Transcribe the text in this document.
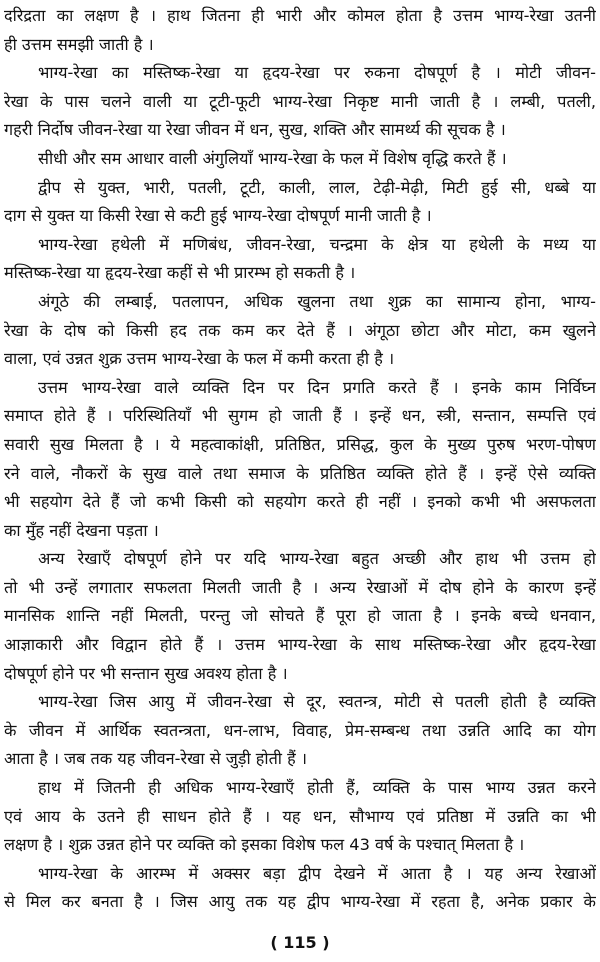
दरिद्रता का लक्षण है । हाथ जितना ही भारी और कोमल होता है उत्तम भाग्य-रेखा उतनी
ही उत्तम समझी जाती है ।
भाग्य-रेखा का मस्तिष्क-रेखा या हृदय-रेखा पर रुकना दोषपूर्ण है । मोटी जीवन-
रेखा के पास चलने वाली या टूटी-फूटी भाग्य-रेखा निकृष्ट मानी जाती है । लम्बी, पतली,
गहरी निर्दोष जीवन-रेखा या रेखा जीवन में धन, सुख, शक्ति और सामर्थ्य की सूचक है ।
सीधी और सम आधार वाली अंगुलियाँ भाग्य-रेखा के फल में विशेष वृद्धि करते हैं ।
द्वीप से युक्त, भारी, पतली, टूटी, काली, लाल, टेढ़ी-मेढ़ी, मिटी हुई सी, धब्बे या
दाग से युक्त या किसी रेखा से कटी हुई भाग्य-रेखा दोषपूर्ण मानी जाती है ।
भाग्य-रेखा हथेली में मणिबंध, जीवन-रेखा, चन्द्रमा के क्षेत्र या हथेली के मध्य या
मस्तिष्क-रेखा या हृदय-रेखा कहीं से भी प्रारम्भ हो सकती है ।
अंगूठे की लम्बाई, पतलापन, अधिक खुलना तथा शुक्र का सामान्य होना, भाग्य-
रेखा के दोष को किसी हद तक कम कर देते हैं । अंगूठा छोटा और मोटा, कम खुलने
वाला, एवं उन्नत शुक्र उत्तम भाग्य-रेखा के फल में कमी करता ही है ।
उत्तम भाग्य-रेखा वाले व्यक्ति दिन पर दिन प्रगति करते हैं । इनके काम निर्विघ्न
समाप्त होते हैं । परिस्थितियाँ भी सुगम हो जाती हैं । इन्हें धन, स्त्री, सन्तान, सम्पत्ति एवं
सवारी सुख मिलता है । ये महत्वाकांक्षी, प्रतिष्ठित, प्रसिद्ध, कुल के मुख्य पुरुष भरण-पोषण
रने वाले, नौकरों के सुख वाले तथा समाज के प्रतिष्ठित व्यक्ति होते हैं । इन्हें ऐसे व्यक्ति
भी सहयोग देते हैं जो कभी किसी को सहयोग करते ही नहीं । इनको कभी भी असफलता
का मुँह नहीं देखना पड़ता ।
अन्य रेखाएँ दोषपूर्ण होने पर यदि भाग्य-रेखा बहुत अच्छी और हाथ भी उत्तम हो
तो भी उन्हें लगातार सफलता मिलती जाती है । अन्य रेखाओं में दोष होने के कारण इन्हें
मानसिक शान्ति नहीं मिलती, परन्तु जो सोचते हैं पूरा हो जाता है । इनके बच्चे धनवान,
आज्ञाकारी और विद्वान होते हैं । उत्तम भाग्य-रेखा के साथ मस्तिष्क-रेखा और हृदय-रेखा
दोषपूर्ण होने पर भी सन्तान सुख अवश्य होता है ।
भाग्य-रेखा जिस आयु में जीवन-रेखा से दूर, स्वतन्त्र, मोटी से पतली होती है व्यक्ति
के जीवन में आर्थिक स्वतन्त्रता, धन-लाभ, विवाह, प्रेम-सम्बन्ध तथा उन्नति आदि का योग
आता है । जब तक यह जीवन-रेखा से जुड़ी होती हैं ।
हाथ में जितनी ही अधिक भाग्य-रेखाएँ होती हैं, व्यक्ति के पास भाग्य उन्नत करने
एवं आय के उतने ही साधन होते हैं । यह धन, सौभाग्य एवं प्रतिष्ठा में उन्नति का भी
लक्षण है । शुक्र उन्नत होने पर व्यक्ति को इसका विशेष फल 43 वर्ष के पश्चात् मिलता है ।
भाग्य-रेखा के आरम्भ में अक्सर बड़ा द्वीप देखने में आता है । यह अन्य रेखाओं
से मिल कर बनता है । जिस आयु तक यह द्वीप भाग्य-रेखा में रहता है, अनेक प्रकार के
( 115 )
